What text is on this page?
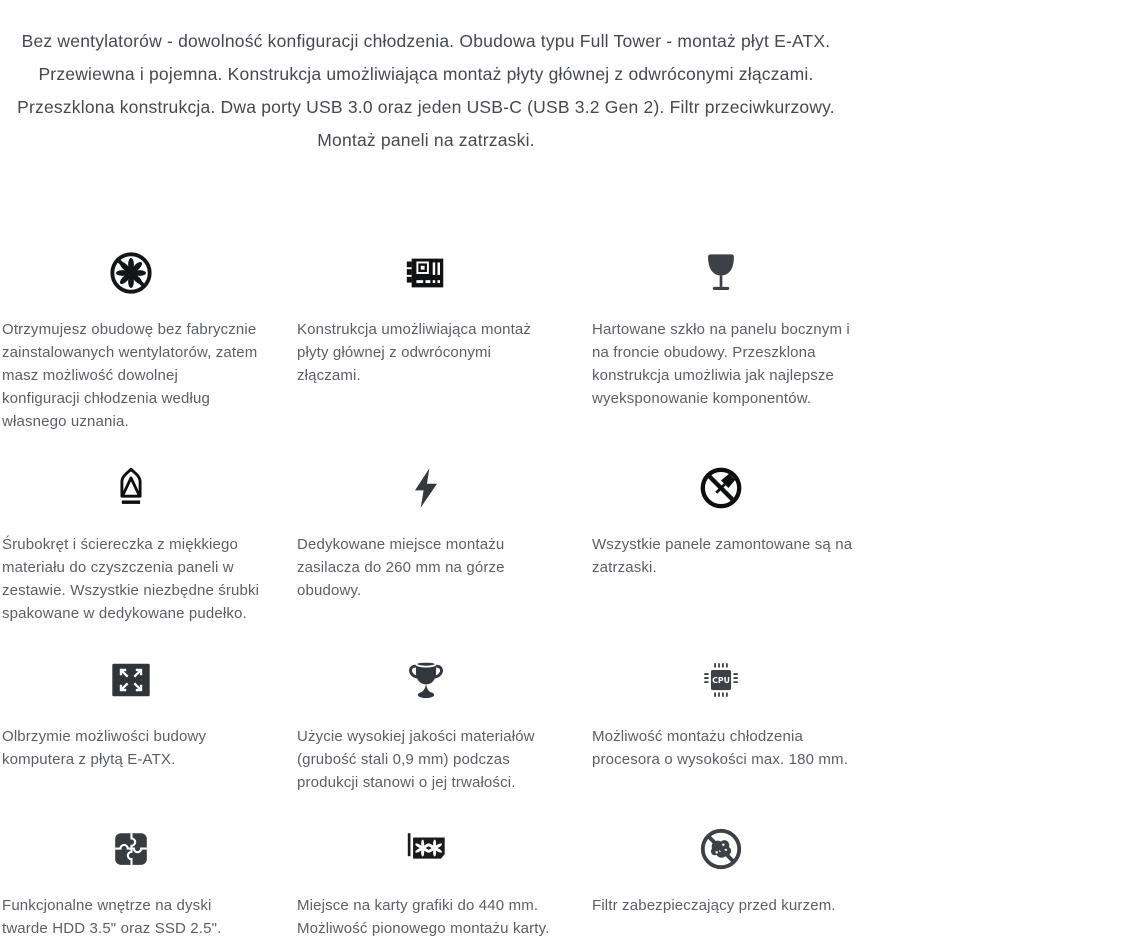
Bez wentylatorów - dowolność konfiguracji chłodzenia. Obudowa typu Full Tower - montaż płyt E-ATX.
Przewiewna i pojemna. Konstrukcja umożliwiająca montaż płyty głównej z odwróconymi złączami.
Przeszklona konstrukcja. Dwa porty USB 3.0 oraz jeden USB-C (USB 3.2 Gen 2). Filtr przeciwkurzowy.
Montaż paneli na zatrzaski.
Otrzymujesz obudowę bez fabrycznie
zainstalowanych wentylatorów, zatem
masz możliwość dowolnej
konfiguracji chłodzenia według
własnego uznania.
Konstrukcja umożliwiająca montaż
płyty głównej z odwróconymi
złączami.
Hartowane szkło na panelu bocznym i
na froncie obudowy. Przeszklona
konstrukcja umożliwia jak najlepsze
wyeksponowanie komponentów.
Śrubokręt i ściereczka z miękkiego
materiału do czyszczenia paneli w
zestawie. Wszystkie niezbędne śrubki
spakowane w dedykowane pudełko.
Dedykowane miejsce montażu
zasilacza do 260 mm na górze
obudowy.
Wszystkie panele zamontowane są na
zatrzaski.
Olbrzymie możliwości budowy
komputera z płytą E-ATX.
Użycie wysokiej jakości materiałów
(grubość stali 0,9 mm) podczas
produkcji stanowi o jej trwałości.
CPU
Możliwość montażu chłodzenia
procesora o wysokości max. 180 mm.
Funkcjonalne wnętrze na dyski
twarde HDD 3.5" oraz SSD 2.5".
Miejsce na karty grafiki do 440 mm.
Możliwość pionowego montażu karty.
Filtr zabezpieczający przed kurzem.
